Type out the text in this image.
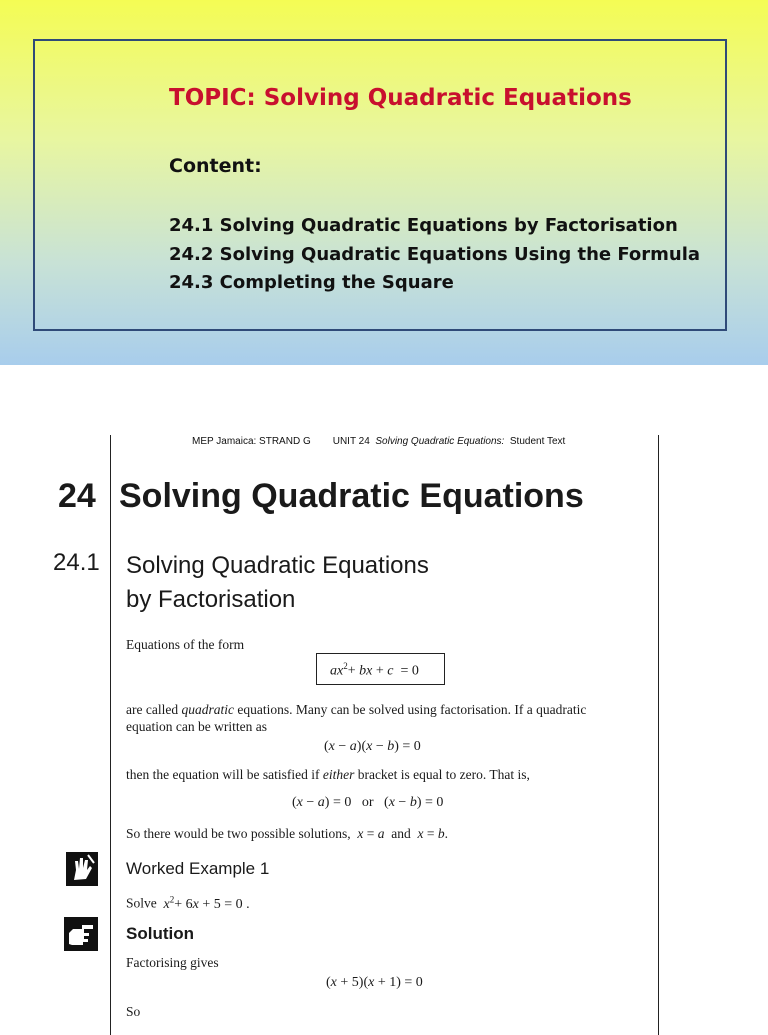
TOPIC: Solving Quadratic Equations
Content:
24.1 Solving Quadratic Equations by Factorisation
24.2 Solving Quadratic Equations Using the Formula
24.3 Completing the Square
MEP Jamaica: STRAND G UNIT 24 Solving Quadratic Equations: Student Text
24 Solving Quadratic Equations
24.1 Solving Quadratic Equations
by Factorisation
Equations of the form
$ax^2+$ bx + c  = 0
are called quadratic equations. Many can be solved using factorisation. If a quadratic
equation can be written as
(x − a)(x − b) = 0
then the equation will be satisfied if either bracket is equal to zero. That is,
(x − a) = 0   or   (x − b) = 0
So there would be two possible solutions, x = a and x = b.
Worked Example 1
Solve $x^2+ 6x + 5 = 0$ .
Solution
Factorising gives
(x + 5)(x + 1) = 0
So
